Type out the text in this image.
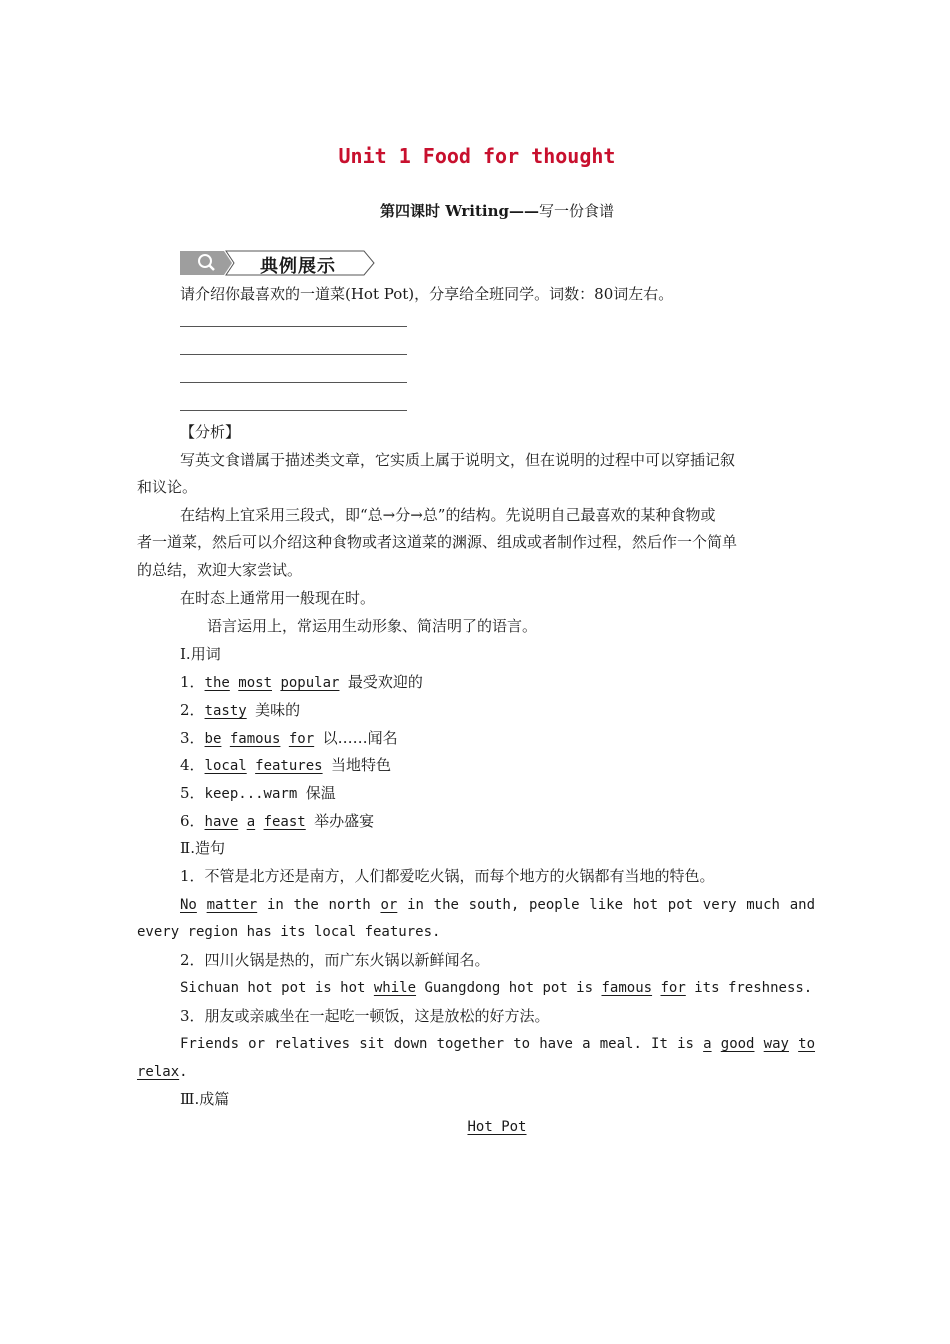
Unit 1 Food for thought
第四课时 Writing——写一份食谱
典例展示
请介绍你最喜欢的一道菜(Hot Pot)，分享给全班同学。词数：80词左右。
【分析】
写英文食谱属于描述类文章，它实质上属于说明文，但在说明的过程中可以穿插记叙
和议论。
在结构上宜采用三段式，即“总→分→总”的结构。先说明自己最喜欢的某种食物或
者一道菜，然后可以介绍这种食物或者这道菜的渊源、组成或者制作过程，然后作一个简单
的总结，欢迎大家尝试。
在时态上通常用一般现在时。
语言运用上，常运用生动形象、简洁明了的语言。
Ⅰ.用词
1．the most popular 最受欢迎的
2．tasty 美味的
3．be famous for 以……闻名
4．local features 当地特色
5．keep...warm 保温
6．have a feast 举办盛宴
Ⅱ.造句
1．不管是北方还是南方，人们都爱吃火锅，而每个地方的火锅都有当地的特色。
No matter in the north or in the south, people like hot pot very much and
every region has its local features.
2．四川火锅是热的，而广东火锅以新鲜闻名。
Sichuan hot pot is hot while Guangdong hot pot is famous for its freshness.
3．朋友或亲戚坐在一起吃一顿饭，这是放松的好方法。
Friends or relatives sit down together to have a meal. It is a good way to
relax.
Ⅲ.成篇
Hot_Pot
